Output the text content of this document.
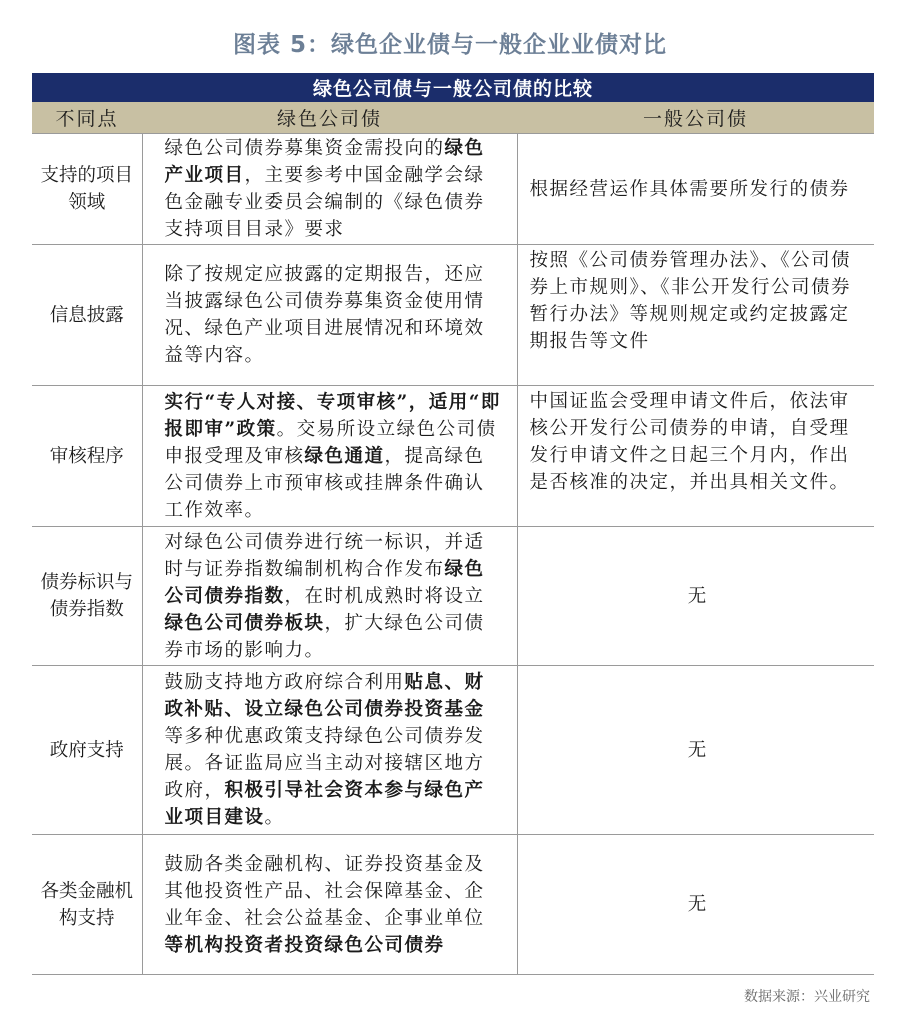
图表 5：绿色企业债与一般企业业债对比
绿色公司债与一般公司债的比较		
不同点	绿色公司债	一般公司债
支持的项目领域	绿色公司债券募集资金需投向的绿色产业项目，主要参考中国金融学会绿色金融专业委员会编制的《绿色债券支持项目目录》要求	根据经营运作具体需要所发行的债券
信息披露	除了按规定应披露的定期报告，还应当披露绿色公司债券募集资金使用情况、绿色产业项目进展情况和环境效益等内容。	按照《公司债券管理办法》、《公司债券上市规则》、《非公开发行公司债券暂行办法》等规则规定或约定披露定期报告等文件
审核程序	实行“专人对接、专项审核”，适用“即报即审”政策。交易所设立绿色公司债申报受理及审核绿色通道，提高绿色公司债券上市预审核或挂牌条件确认工作效率。	中国证监会受理申请文件后，依法审核公开发行公司债券的申请，自受理发行申请文件之日起三个月内，作出是否核准的决定，并出具相关文件。
债券标识与债券指数	对绿色公司债券进行统一标识，并适时与证券指数编制机构合作发布绿色公司债券指数，在时机成熟时将设立绿色公司债券板块，扩大绿色公司债券市场的影响力。	无
政府支持	鼓励支持地方政府综合利用贴息、财政补贴、设立绿色公司债券投资基金等多种优惠政策支持绿色公司债券发展。各证监局应当主动对接辖区地方政府，积极引导社会资本参与绿色产业项目建设。	无
各类金融机构支持	鼓励各类金融机构、证券投资基金及其他投资性产品、社会保障基金、企业年金、社会公益基金、企事业单位等机构投资者投资绿色公司债券	无
数据来源：兴业研究
